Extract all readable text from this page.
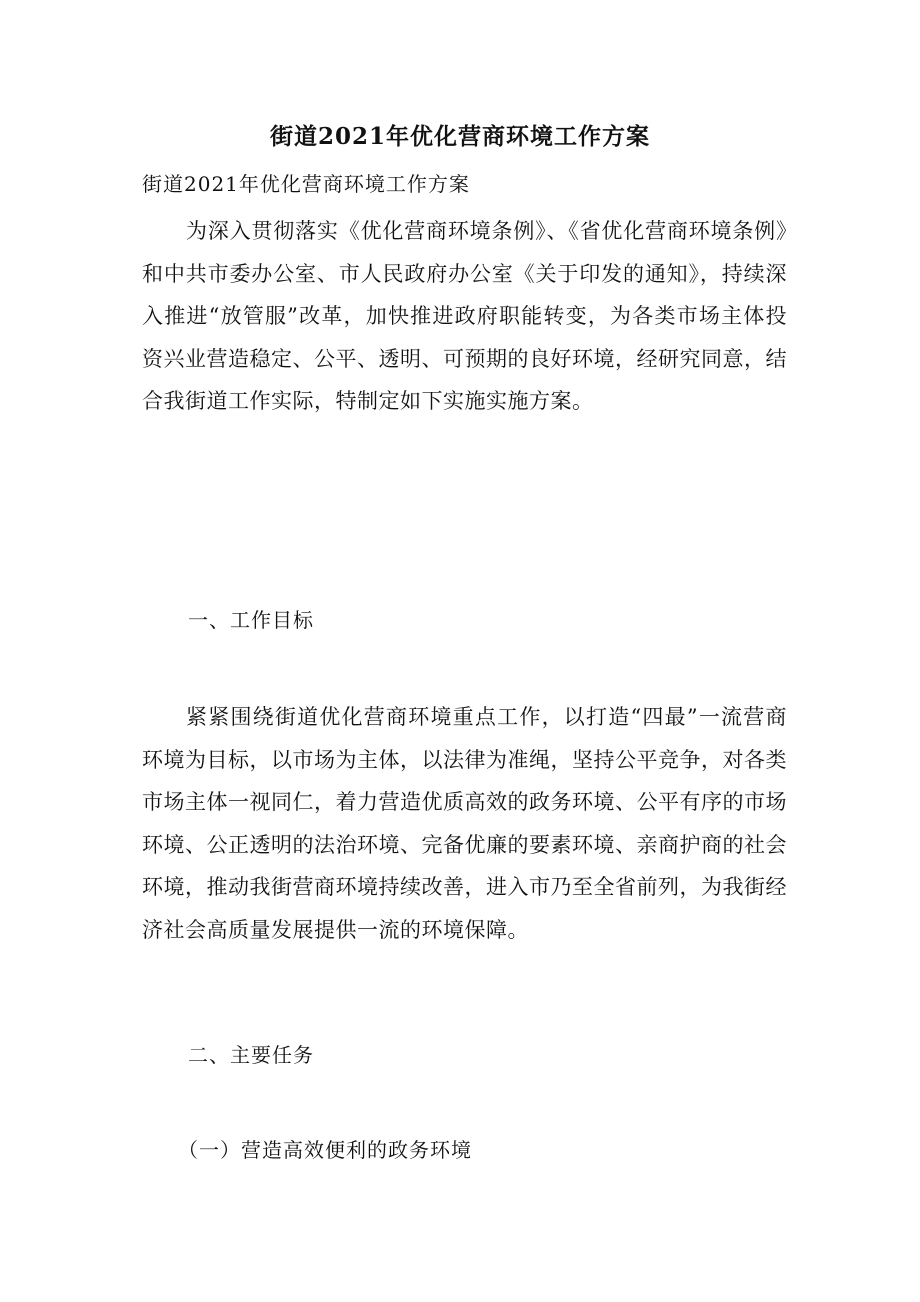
街道2021年优化营商环境工作方案
街道2021年优化营商环境工作方案

为深入贯彻落实《优化营商环境条例》、《省优化营商环境条例》和中共市委办公室、市人民政府办公室《关于印发的通知》，持续深入推进“放管服”改革，加快推进政府职能转变，为各类市场主体投资兴业营造稳定、公平、透明、可预期的良好环境，经研究同意，结合我街道工作实际，特制定如下实施实施方案。

一、工作目标

紧紧围绕街道优化营商环境重点工作，以打造“四最”一流营商环境为目标，以市场为主体，以法律为准绳，坚持公平竞争，对各类市场主体一视同仁，着力营造优质高效的政务环境、公平有序的市场环境、公正透明的法治环境、完备优廉的要素环境、亲商护商的社会环境，推动我街营商环境持续改善，进入市乃至全省前列，为我街经济社会高质量发展提供一流的环境保障。

二、主要任务
（一）营造高效便利的政务环境
